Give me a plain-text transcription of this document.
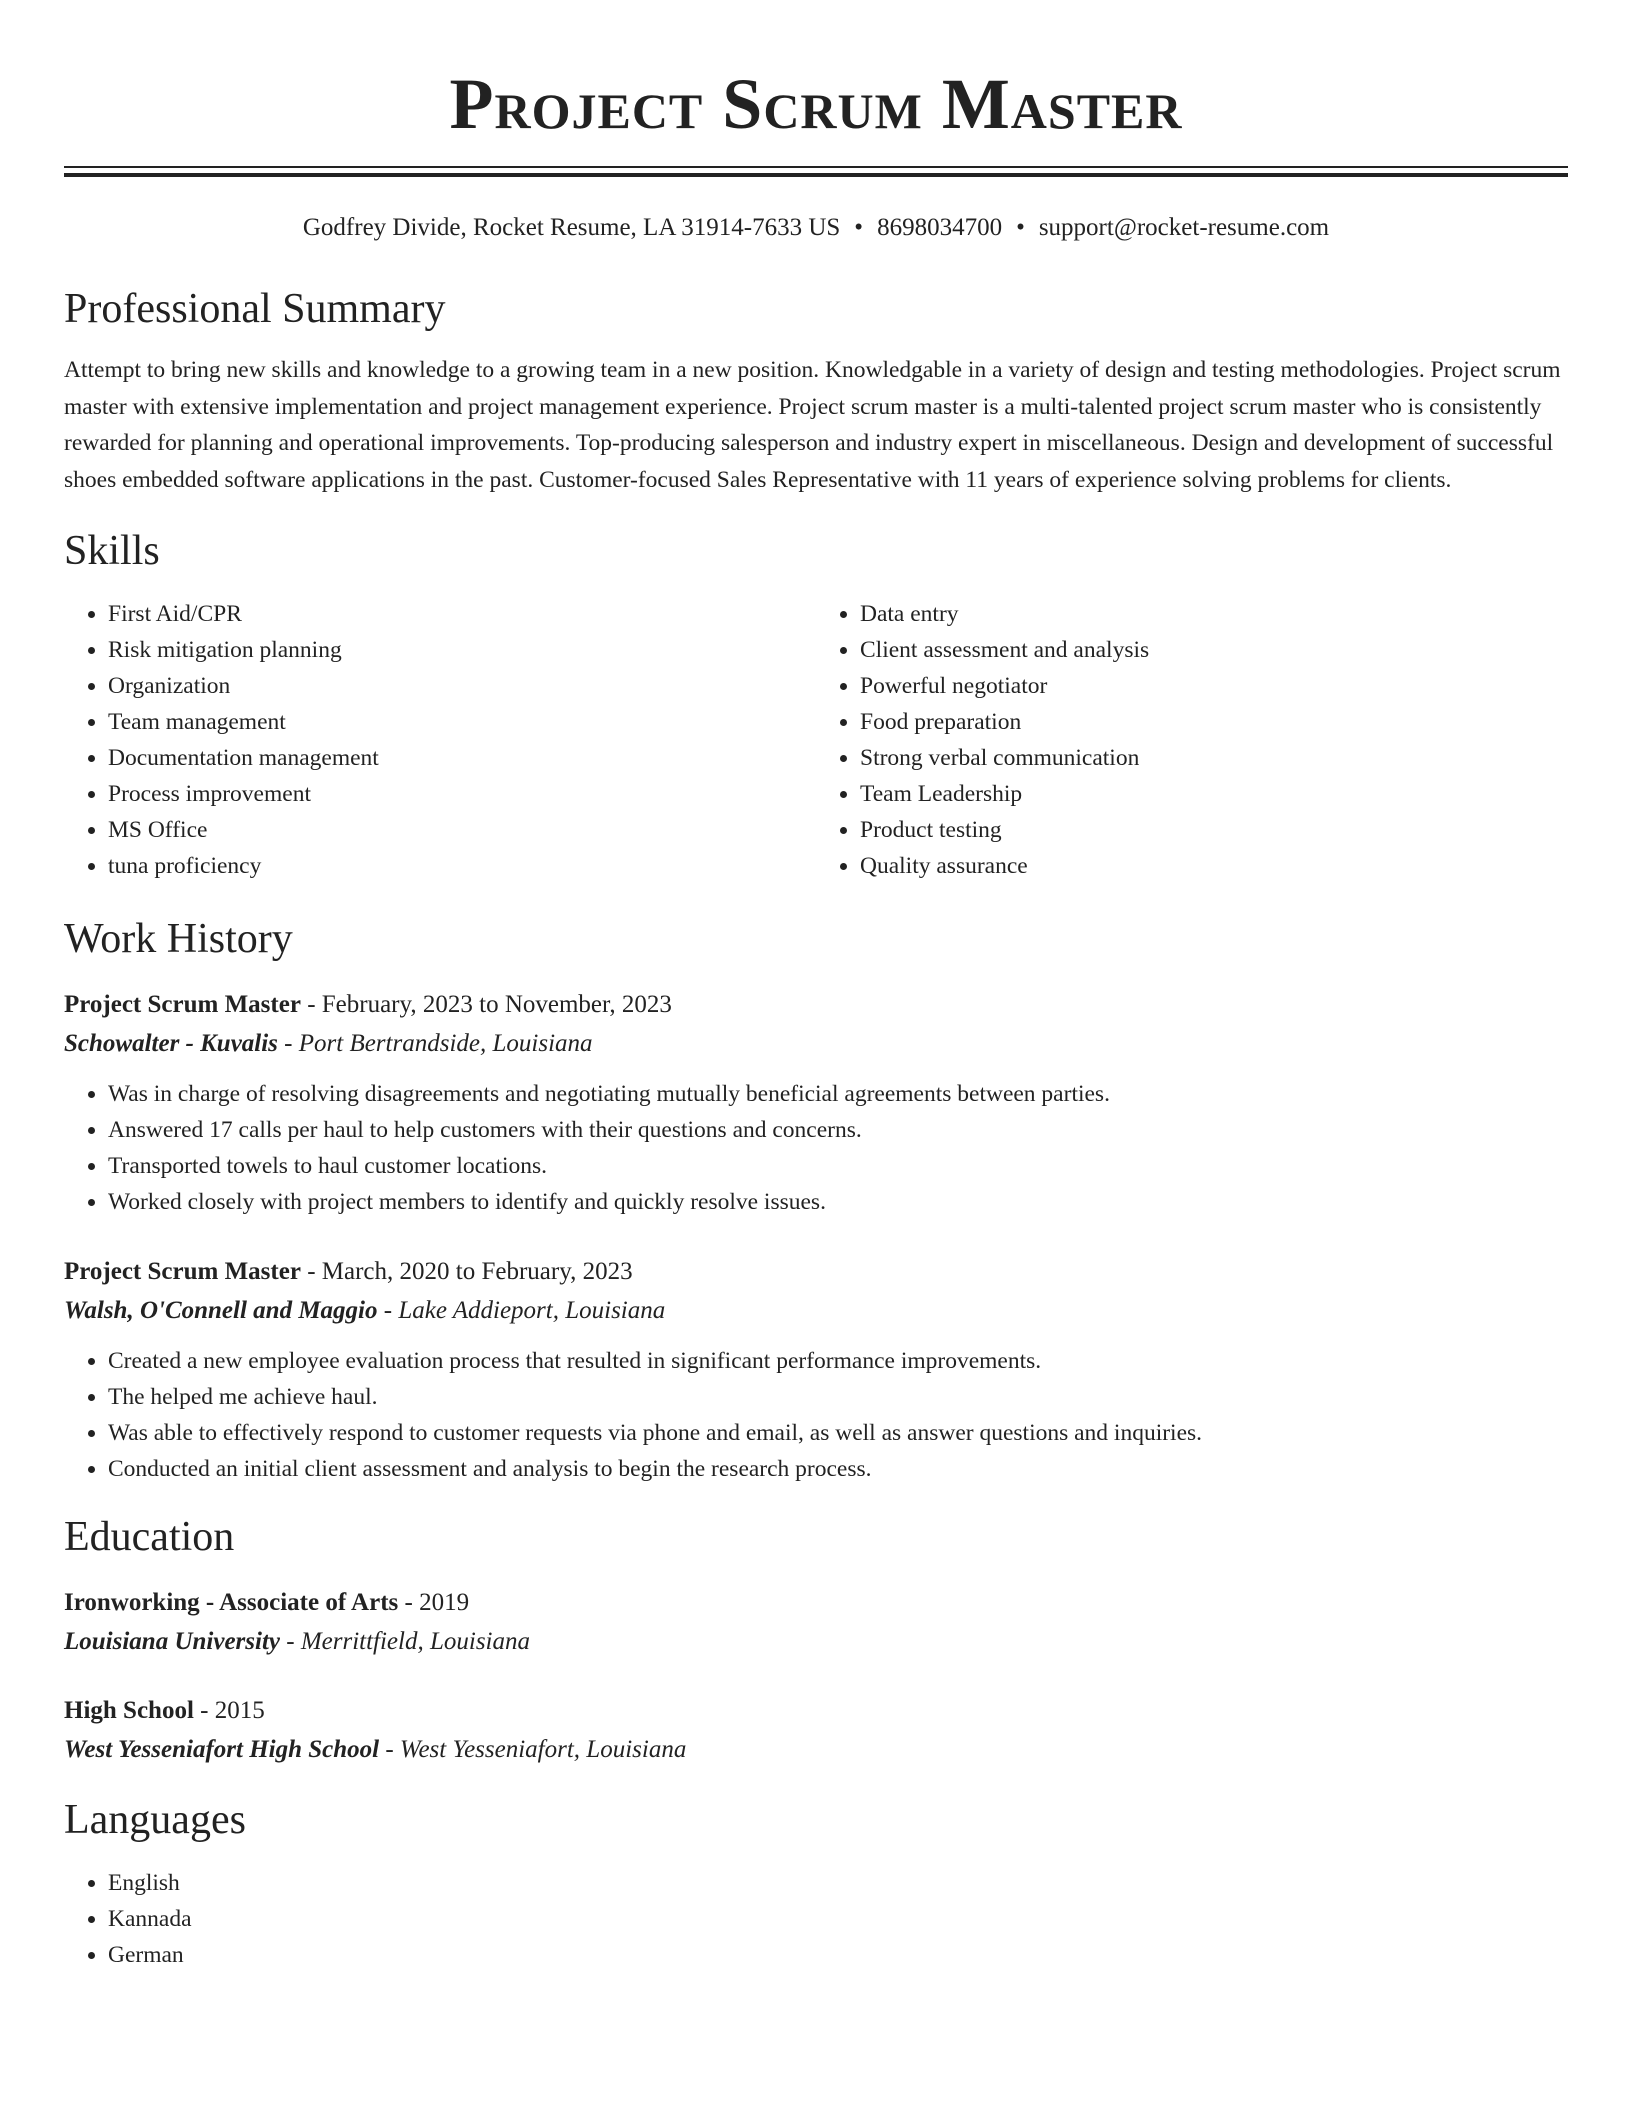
Project Scrum Master
Godfrey Divide, Rocket Resume, LA 31914-7633 US • 8698034700 • support@rocket-resume.com
Professional Summary
Attempt to bring new skills and knowledge to a growing team in a new position. Knowledgable in a variety of design and testing methodologies. Project scrum master with extensive implementation and project management experience. Project scrum master is a multi-talented project scrum master who is consistently rewarded for planning and operational improvements. Top-producing salesperson and industry expert in miscellaneous. Design and development of successful shoes embedded software applications in the past. Customer-focused Sales Representative with 11 years of experience solving problems for clients.
Skills
• First Aid/CPR
• Risk mitigation planning
• Organization
• Team management
• Documentation management
• Process improvement
• MS Office
• tuna proficiency
• Data entry
• Client assessment and analysis
• Powerful negotiator
• Food preparation
• Strong verbal communication
• Team Leadership
• Product testing
• Quality assurance
Work History
Project Scrum Master - February, 2023 to November, 2023
Schowalter - Kuvalis - Port Bertrandside, Louisiana
• Was in charge of resolving disagreements and negotiating mutually beneficial agreements between parties.
• Answered 17 calls per haul to help customers with their questions and concerns.
• Transported towels to haul customer locations.
• Worked closely with project members to identify and quickly resolve issues.
Project Scrum Master - March, 2020 to February, 2023
Walsh, O'Connell and Maggio - Lake Addieport, Louisiana
• Created a new employee evaluation process that resulted in significant performance improvements.
• The helped me achieve haul.
• Was able to effectively respond to customer requests via phone and email, as well as answer questions and inquiries.
• Conducted an initial client assessment and analysis to begin the research process.
Education
Ironworking - Associate of Arts - 2019
Louisiana University - Merrittfield, Louisiana
High School - 2015
West Yesseniafort High School - West Yesseniafort, Louisiana
Languages
• English
• Kannada
• German
